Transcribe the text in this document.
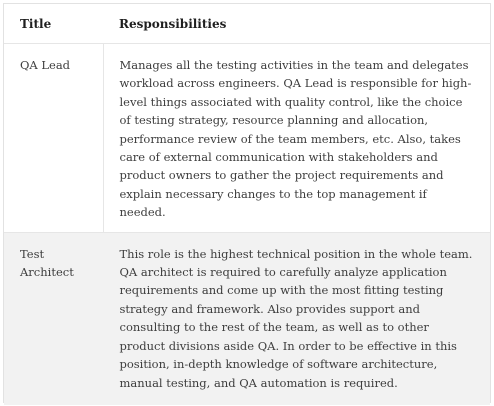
Title	Responsibilities
QA Lead	Manages all the testing activities in the team and delegates workload across engineers. QA Lead is responsible for high-level things associated with quality control, like the choice of testing strategy, resource planning and allocation, performance review of the team members, etc. Also, takes care of external communication with stakeholders and product owners to gather the project requirements and explain necessary changes to the top management if needed.
Test Architect	This role is the highest technical position in the whole team. QA architect is required to carefully analyze application requirements and come up with the most fitting testing strategy and framework. Also provides support and consulting to the rest of the team, as well as to other product divisions aside QA. In order to be effective in this position, in-depth knowledge of software architecture, manual testing, and QA automation is required.
